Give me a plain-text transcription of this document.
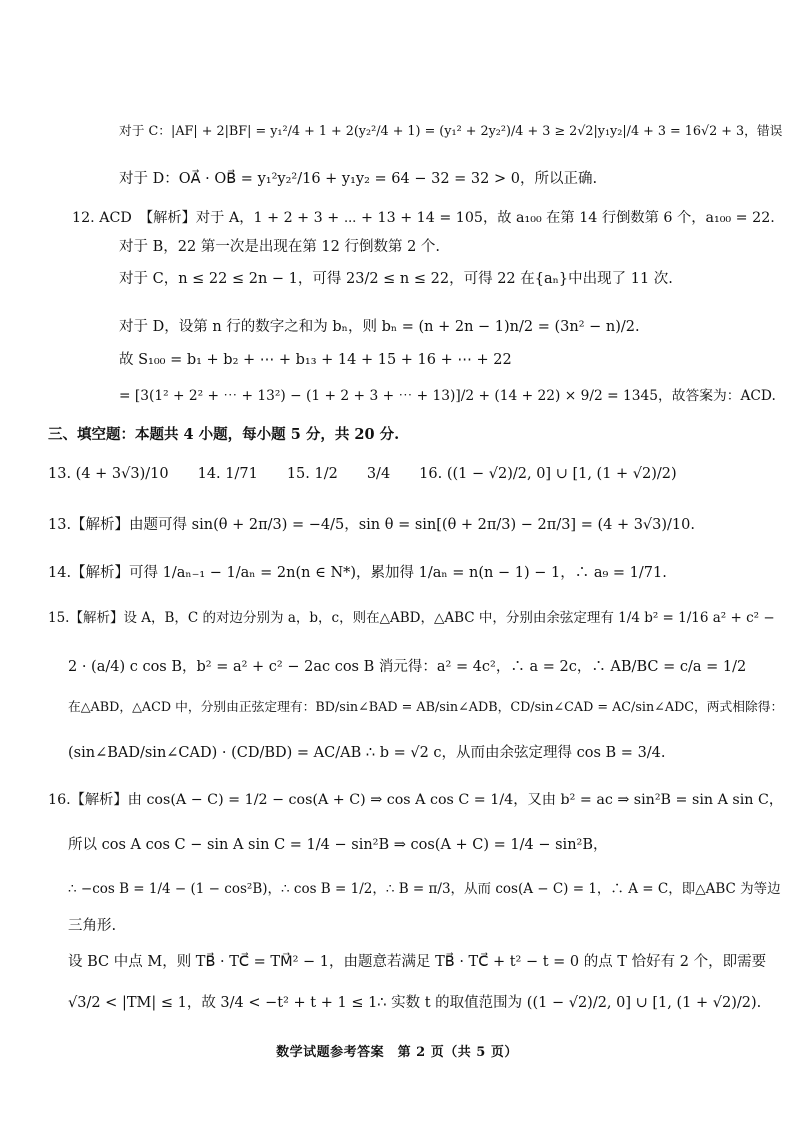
对于 C：|AF| + 2|BF| = y₁²/4 + 1 + 2(y₂²/4 + 1) = (y₁² + 2y₂²)/4 + 3 ≥ 2√2|y₁y₂|/4 + 3 = 16√2 + 3，错误
对于 D：OA⃗ · OB⃗ = y₁²y₂²/16 + y₁y₂ = 64 − 32 = 32 > 0，所以正确.
12. ACD　【解析】对于 A，1 + 2 + 3 + ⋯ + 13 + 14 = 105，故 a₁₀₀ 在第 14 行倒数第 6 个，a₁₀₀ = 22.
对于 B，22 第一次是出现在第 12 行倒数第 2 个.
对于 C，n ≤ 22 ≤ 2n − 1，可得 23/2 ≤ n ≤ 22，可得 22 在{aₙ}中出现了 11 次.
对于 D，设第 n 行的数字之和为 bₙ，则 bₙ = (n + 2n − 1)n/2 = (3n² − n)/2.
故 S₁₀₀ = b₁ + b₂ + ⋯ + b₁₃ + 14 + 15 + 16 + ⋯ + 22
= [3(1² + 2² + ⋯ + 13²) − (1 + 2 + 3 + ⋯ + 13)]/2 + (14 + 22) × 9/2 = 1345，故答案为：ACD.
三、填空题：本题共 4 小题，每小题 5 分，共 20 分.
13. (4 + 3√3)/10　　14. 1/71　　15. 1/2　　3/4　　16. ((1 − √2)/2, 0] ∪ [1, (1 + √2)/2)
13.【解析】由题可得 sin(θ + 2π/3) = −4/5，sin θ = sin[(θ + 2π/3) − 2π/3] = (4 + 3√3)/10.
14.【解析】可得 1/aₙ₋₁ − 1/aₙ = 2n(n ∈ N*)，累加得 1/aₙ = n(n − 1) − 1，∴ a₉ = 1/71.
15.【解析】设 A，B，C 的对边分别为 a，b，c，则在△ABD，△ABC 中，分别由余弦定理有 1/4 b² = 1/16 a² + c² −
2 · (a/4) c cos B，b² = a² + c² − 2ac cos B 消元得：a² = 4c²，∴ a = 2c，∴ AB/BC = c/a = 1/2
在△ABD，△ACD 中，分别由正弦定理有：BD/sin∠BAD = AB/sin∠ADB，CD/sin∠CAD = AC/sin∠ADC，两式相除得：
(sin∠BAD/sin∠CAD) · (CD/BD) = AC/AB ∴ b = √2 c，从而由余弦定理得 cos B = 3/4.
16.【解析】由 cos(A − C) = 1/2 − cos(A + C) ⇒ cos A cos C = 1/4，又由 b² = ac ⇒ sin²B = sin A sin C，
所以 cos A cos C − sin A sin C = 1/4 − sin²B ⇒ cos(A + C) = 1/4 − sin²B，
∴ −cos B = 1/4 − (1 − cos²B)，∴ cos B = 1/2，∴ B = π/3，从而 cos(A − C) = 1，∴ A = C，即△ABC 为等边
三角形.
设 BC 中点 M，则 TB⃗ · TC⃗ = TM⃗² − 1，由题意若满足 TB⃗ · TC⃗ + t² − t = 0 的点 T 恰好有 2 个，即需要
√3/2 < |TM| ≤ 1，故 3/4 < −t² + t + 1 ≤ 1∴ 实数 t 的取值范围为 ((1 − √2)/2, 0] ∪ [1, (1 + √2)/2).
数学试题参考答案　第 2 页（共 5 页）
